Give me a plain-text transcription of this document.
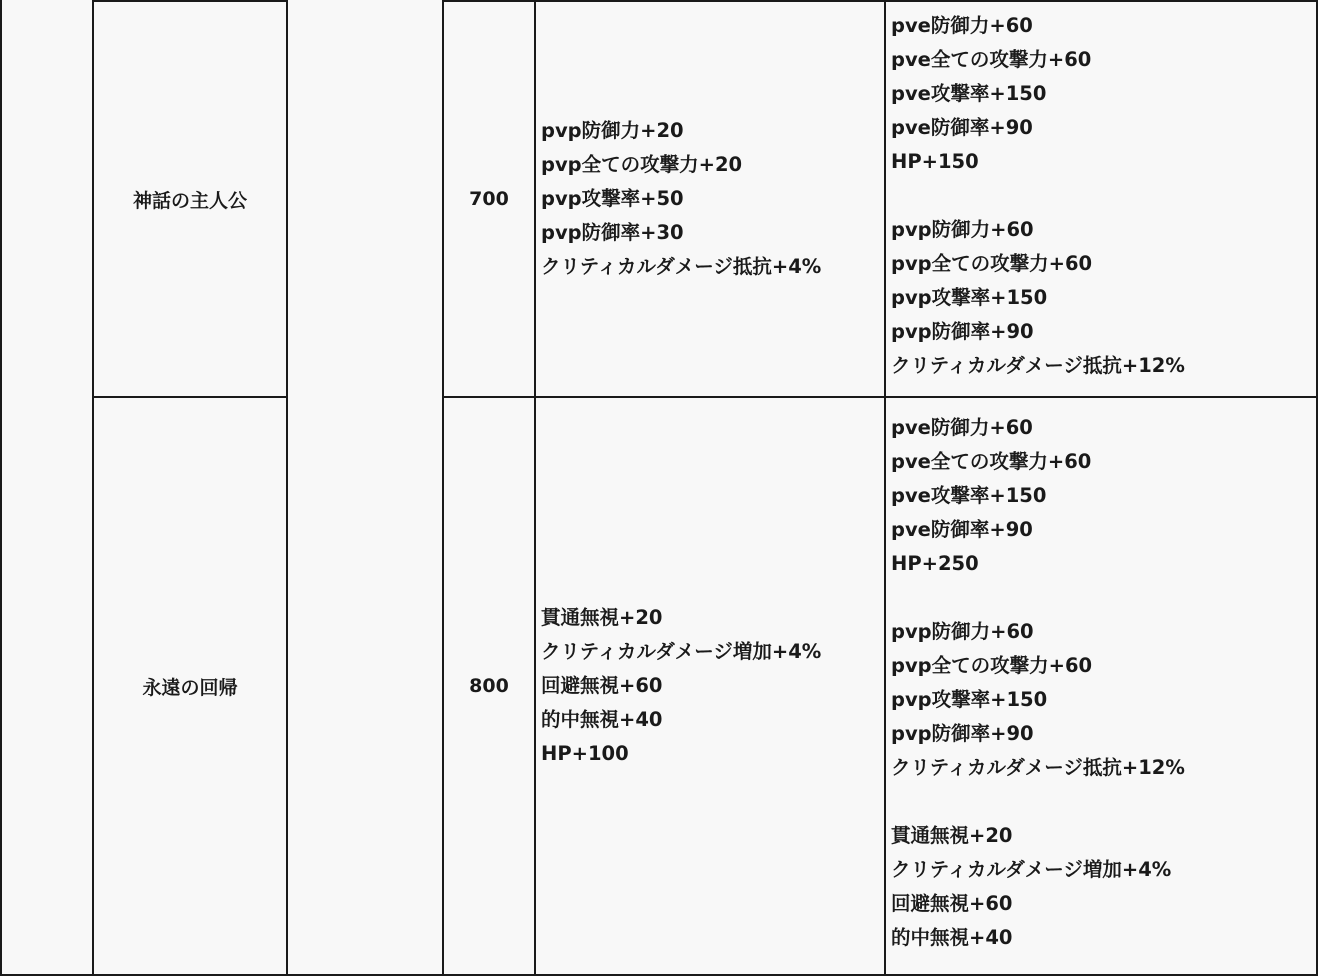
神話の主人公	700
pvp防御力+20
pvp全ての攻撃力+20
pvp攻撃率+50
pvp防御率+30
クリティカルダメージ抵抗+4%
pve防御力+60
pve全ての攻撃力+60
pve攻撃率+150
pve防御率+90
HP+150
pvp防御力+60
pvp全ての攻撃力+60
pvp攻撃率+150
pvp防御率+90
クリティカルダメージ抵抗+12%
永遠の回帰	800
貫通無視+20
クリティカルダメージ増加+4%
回避無視+60
的中無視+40
HP+100
pve防御力+60
pve全ての攻撃力+60
pve攻撃率+150
pve防御率+90
HP+250
pvp防御力+60
pvp全ての攻撃力+60
pvp攻撃率+150
pvp防御率+90
クリティカルダメージ抵抗+12%
貫通無視+20
クリティカルダメージ増加+4%
回避無視+60
的中無視+40
